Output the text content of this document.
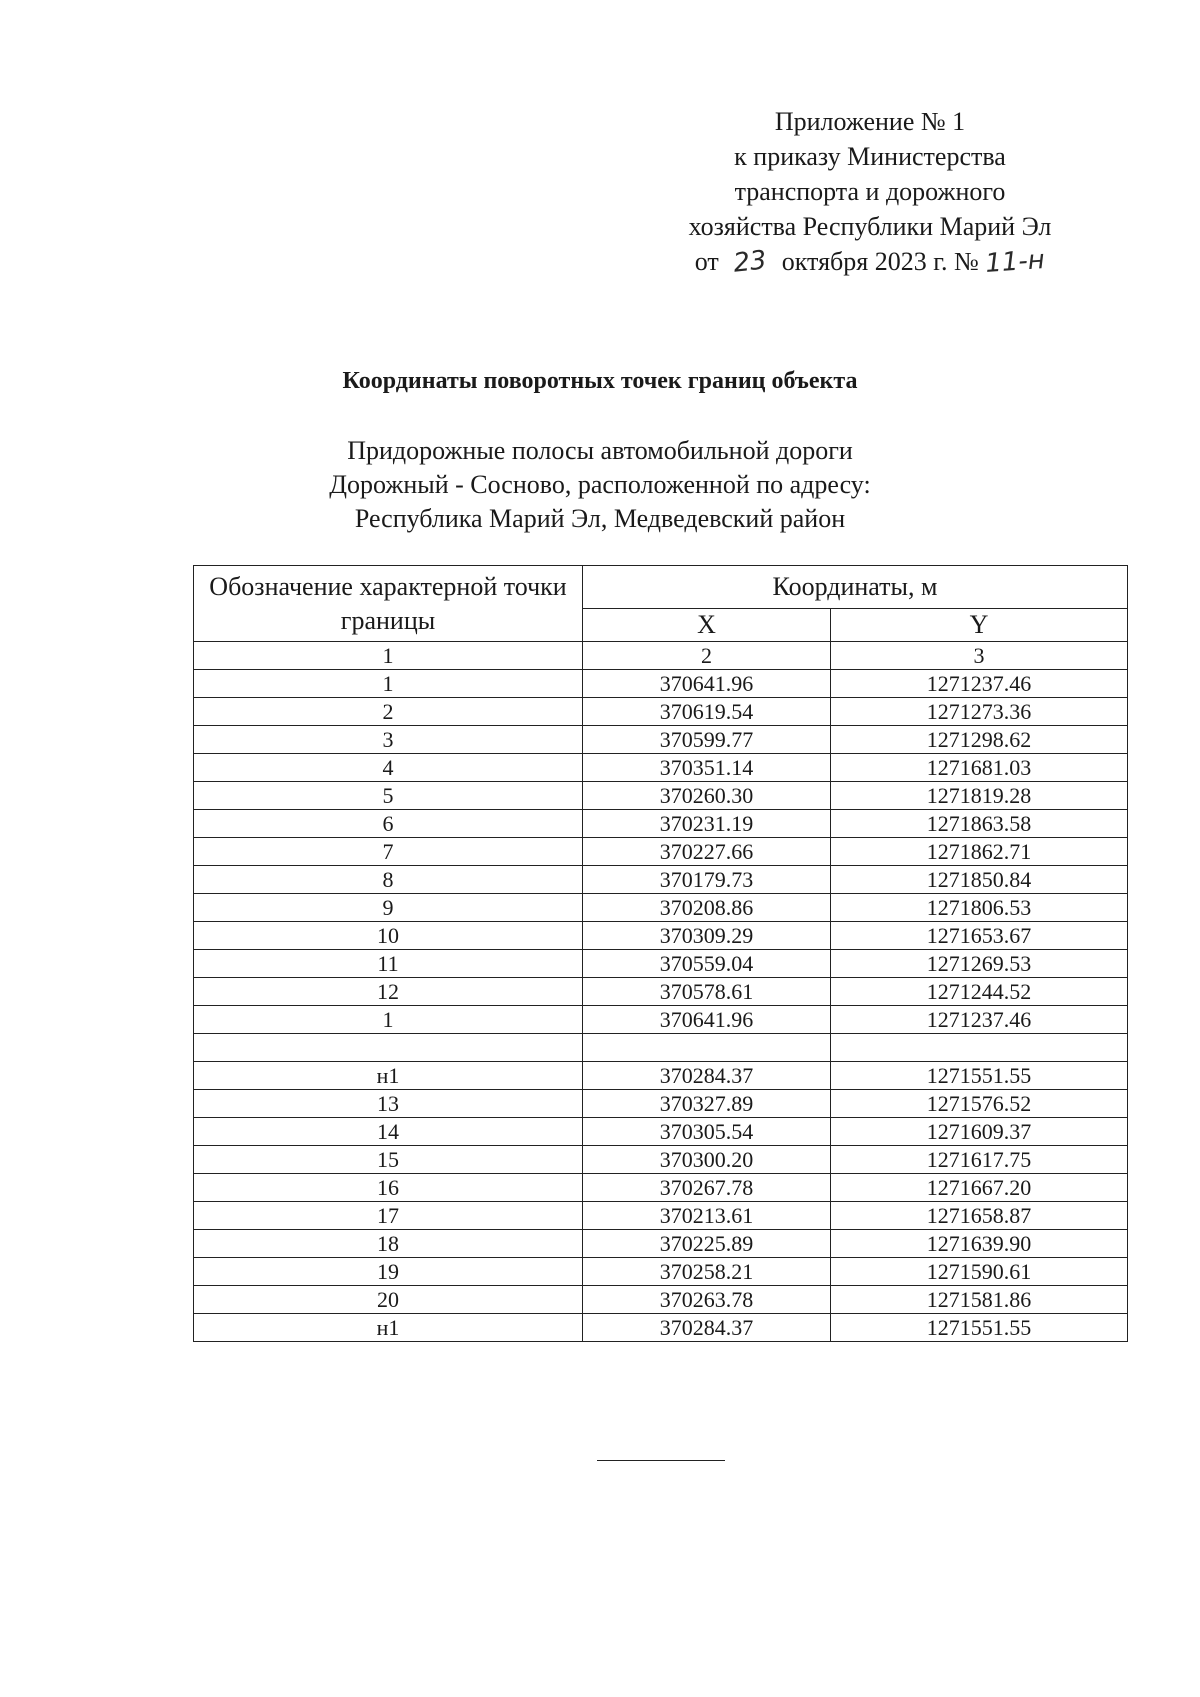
Приложение № 1
к приказу Министерства
транспорта и дорожного
хозяйства Республики Марий Эл
от 23 октября 2023 г. № 11-н
Координаты поворотных точек границ объекта
Придорожные полосы автомобильной дороги
Дорожный - Сосново, расположенной по адресу:
Республика Марий Эл, Медведевский район
Обозначение характерной точки границы	Координаты, м	
	X	Y
1	2	3
1	370641.96	1271237.46
2	370619.54	1271273.36
3	370599.77	1271298.62
4	370351.14	1271681.03
5	370260.30	1271819.28
6	370231.19	1271863.58
7	370227.66	1271862.71
8	370179.73	1271850.84
9	370208.86	1271806.53
10	370309.29	1271653.67
11	370559.04	1271269.53
12	370578.61	1271244.52
1	370641.96	1271237.46

н1	370284.37	1271551.55
13	370327.89	1271576.52
14	370305.54	1271609.37
15	370300.20	1271617.75
16	370267.78	1271667.20
17	370213.61	1271658.87
18	370225.89	1271639.90
19	370258.21	1271590.61
20	370263.78	1271581.86
н1	370284.37	1271551.55
